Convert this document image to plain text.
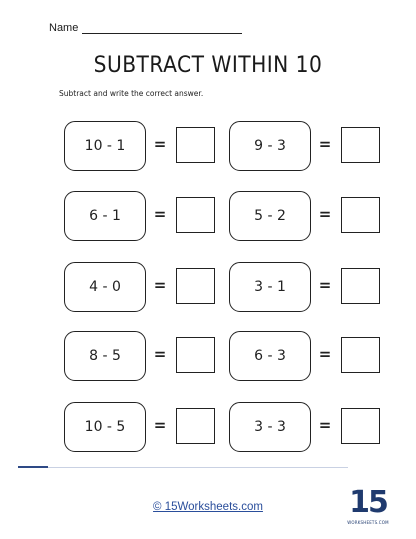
Name
SUBTRACT WITHIN 10
Subtract and write the correct answer.
10 - 1	=	9 - 3	=
6 - 1	=	5 - 2	=
4 - 0	=	3 - 1	=
8 - 5	=	6 - 3	=
10 - 5	=	3 - 3	=
© 15Worksheets.com	15
WORKSHEETS.COM
